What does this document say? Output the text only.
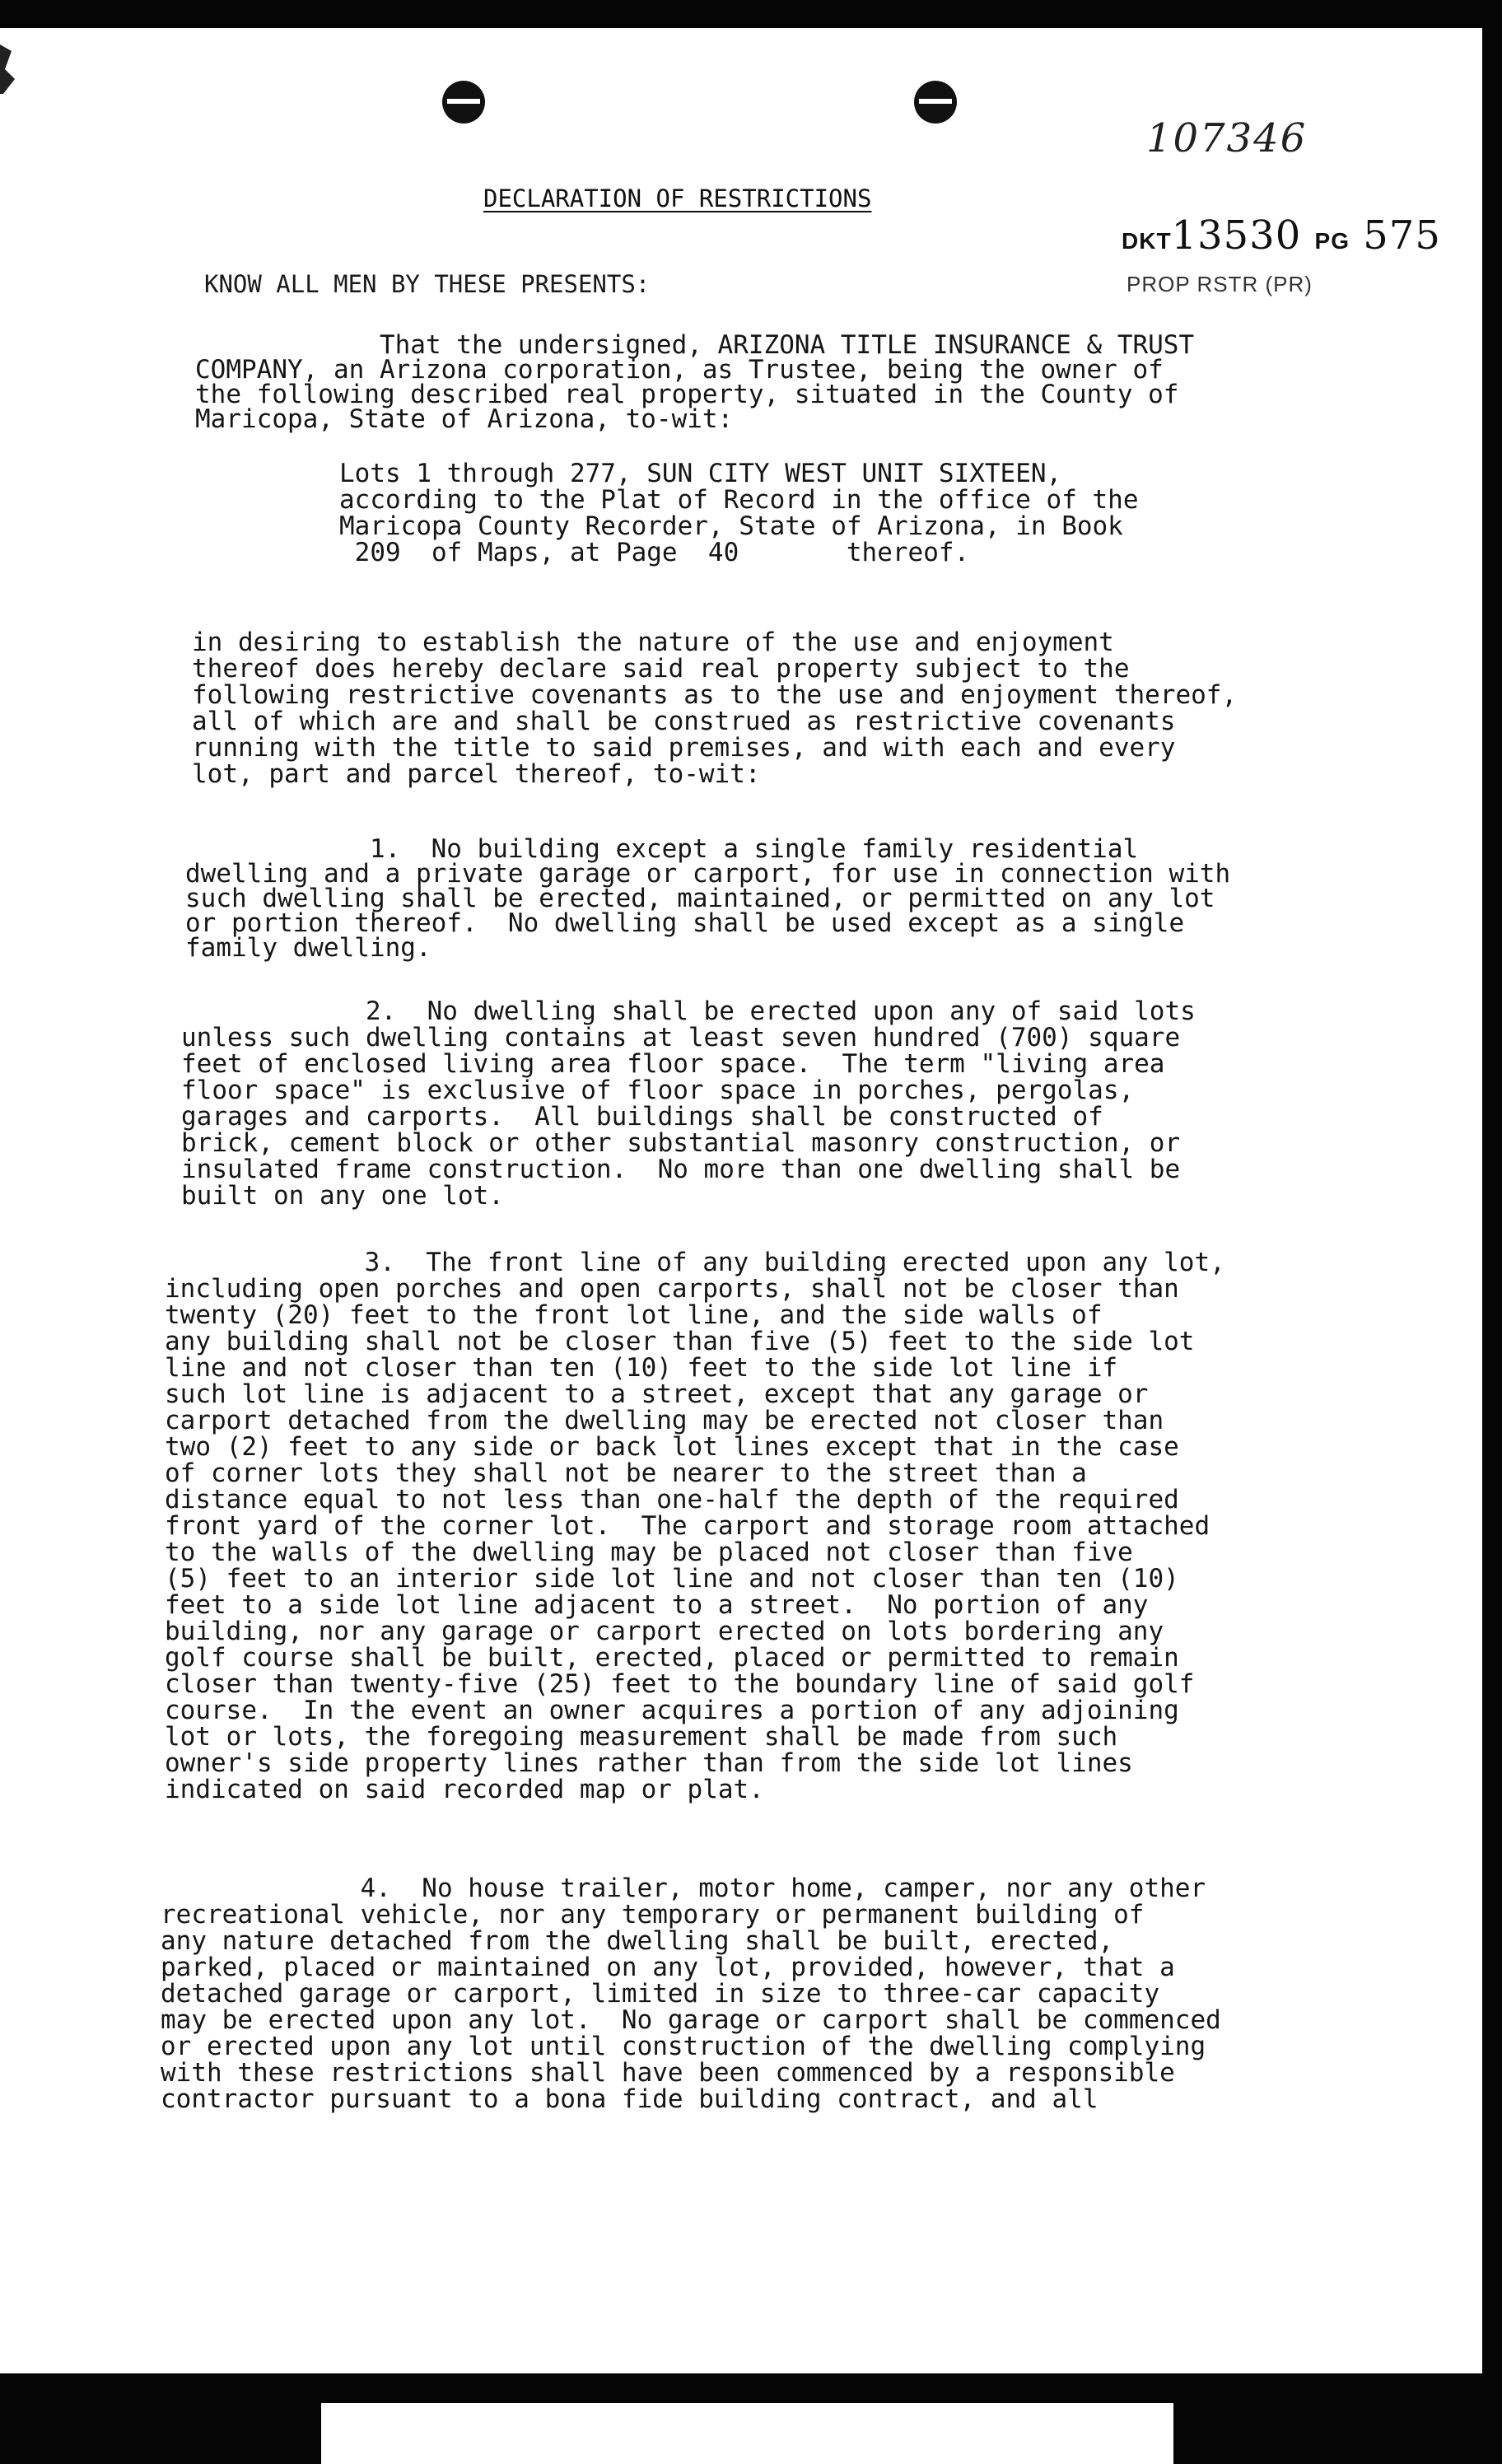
107346
DKT13530 PG 575
PROP RSTR (PR)
DECLARATION OF RESTRICTIONS
KNOW ALL MEN BY THESE PRESENTS:
That the undersigned, ARIZONA TITLE INSURANCE & TRUST
COMPANY, an Arizona corporation, as Trustee, being the owner of
the following described real property, situated in the County of
Maricopa, State of Arizona, to-wit:
Lots 1 through 277, SUN CITY WEST UNIT SIXTEEN,
according to the Plat of Record in the office of the
Maricopa County Recorder, State of Arizona, in Book
209  of Maps, at Page  40       thereof.
in desiring to establish the nature of the use and enjoyment
thereof does hereby declare said real property subject to the
following restrictive covenants as to the use and enjoyment thereof,
all of which are and shall be construed as restrictive covenants
running with the title to said premises, and with each and every
lot, part and parcel thereof, to-wit:
1.  No building except a single family residential
dwelling and a private garage or carport, for use in connection with
such dwelling shall be erected, maintained, or permitted on any lot
or portion thereof.  No dwelling shall be used except as a single
family dwelling.
2.  No dwelling shall be erected upon any of said lots
unless such dwelling contains at least seven hundred (700) square
feet of enclosed living area floor space.  The term "living area
floor space" is exclusive of floor space in porches, pergolas,
garages and carports.  All buildings shall be constructed of
brick, cement block or other substantial masonry construction, or
insulated frame construction.  No more than one dwelling shall be
built on any one lot.
3.  The front line of any building erected upon any lot,
including open porches and open carports, shall not be closer than
twenty (20) feet to the front lot line, and the side walls of
any building shall not be closer than five (5) feet to the side lot
line and not closer than ten (10) feet to the side lot line if
such lot line is adjacent to a street, except that any garage or
carport detached from the dwelling may be erected not closer than
two (2) feet to any side or back lot lines except that in the case
of corner lots they shall not be nearer to the street than a
distance equal to not less than one-half the depth of the required
front yard of the corner lot.  The carport and storage room attached
to the walls of the dwelling may be placed not closer than five
(5) feet to an interior side lot line and not closer than ten (10)
feet to a side lot line adjacent to a street.  No portion of any
building, nor any garage or carport erected on lots bordering any
golf course shall be built, erected, placed or permitted to remain
closer than twenty-five (25) feet to the boundary line of said golf
course.  In the event an owner acquires a portion of any adjoining
lot or lots, the foregoing measurement shall be made from such
owner's side property lines rather than from the side lot lines
indicated on said recorded map or plat.
4.  No house trailer, motor home, camper, nor any other
recreational vehicle, nor any temporary or permanent building of
any nature detached from the dwelling shall be built, erected,
parked, placed or maintained on any lot, provided, however, that a
detached garage or carport, limited in size to three-car capacity
may be erected upon any lot.  No garage or carport shall be commenced
or erected upon any lot until construction of the dwelling complying
with these restrictions shall have been commenced by a responsible
contractor pursuant to a bona fide building contract, and all
